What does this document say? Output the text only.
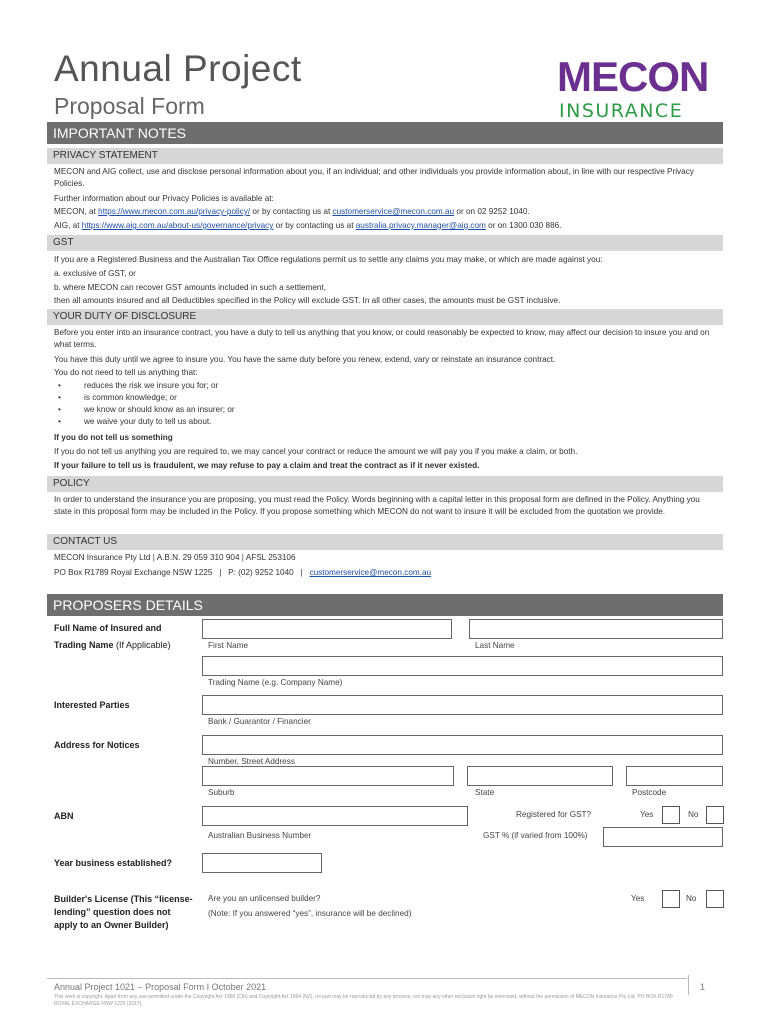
Annual Project
Proposal Form
MECON
INSURANCE
IMPORTANT NOTES
PRIVACY STATEMENT
MECON and AIG collect, use and disclose personal information about you, if an individual; and other individuals you provide information about, in line with our respective Privacy Policies.
Further information about our Privacy Policies is available at:
MECON, at https://www.mecon.com.au/privacy-policy/ or by contacting us at customerservice@mecon.com.au or on 02 9252 1040.
AIG, at https://www.aig.com.au/about-us/governance/privacy or by contacting us at australia.privacy.manager@aig.com or on 1300 030 886.
GST
If you are a Registered Business and the Australian Tax Office regulations permit us to settle any claims you may make, or which are made against you:
a. exclusive of GST, or
b. where MECON can recover GST amounts included in such a settlement,
then all amounts insured and all Deductibles specified in the Policy will exclude GST. In all other cases, the amounts must be GST inclusive.
YOUR DUTY OF DISCLOSURE
Before you enter into an insurance contract, you have a duty to tell us anything that you know, or could reasonably be expected to know, may affect our decision to insure you and on what terms.
You have this duty until we agree to insure you. You have the same duty before you renew, extend, vary or reinstate an insurance contract.
You do not need to tell us anything that:
•	reduces the risk we insure you for; or
•	is common knowledge; or
•	we know or should know as an insurer; or
•	we waive your duty to tell us about.
If you do not tell us something
If you do not tell us anything you are required to, we may cancel your contract or reduce the amount we will pay you if you make a claim, or both.
If your failure to tell us is fraudulent, we may refuse to pay a claim and treat the contract as if it never existed.
POLICY
In order to understand the insurance you are proposing, you must read the Policy. Words beginning with a capital letter in this proposal form are defined in the Policy. Anything you state in this proposal form may be included in the Policy. If you propose something which MECON do not want to insure it will be excluded from the quotation we provide.
CONTACT US
MECON Insurance Pty Ltd | A.B.N. 29 059 310 904 | AFSL 253106
PO Box R1789 Royal Exchange NSW 1225   |   P: (02) 9252 1040   |   customerservice@mecon.com.au
PROPOSERS DETAILS
Full Name of Insured and
Trading Name (If Applicable)	First Name	Last Name
Trading Name (e.g. Company Name)
Interested Parties
Bank / Guarantor / Financier
Address for Notices
Number, Street Address
Suburb	State	Postcode
ABN	Registered for GST?	Yes	No
Australian Business Number	GST % (if varied from 100%)
Year business established?
Builder's License (This “license-
lending” question does not
apply to an Owner Builder)
Are you an unlicensed builder?
(Note: If you answered “yes”, insurance will be declined)
Yes	No
Annual Project 1021 – Proposal Form I October 2021	1
This work is copyright. Apart from any use permitted under the Copyright Act 1968 (Cth) and Copyright Act 1994 (NZ), no part may be reproduced by any process, nor may any other exclusive right be exercised, without the permission of MECON Insurance Pty Ltd, PO BOX R1789 ROYAL EXCHANGE NSW 1225 (2017).
